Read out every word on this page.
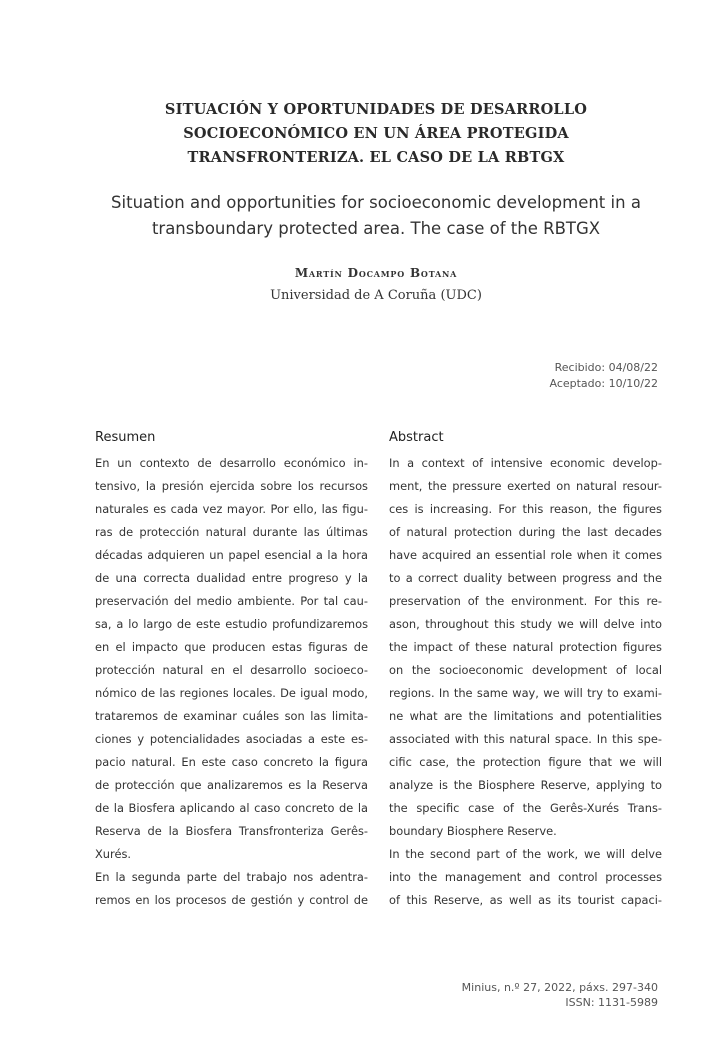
SITUACIÓN Y OPORTUNIDADES DE DESARROLLO
SOCIOECONÓMICO EN UN ÁREA PROTEGIDA
TRANSFRONTERIZA. EL CASO DE LA RBTGX
Situation and opportunities for socioeconomic development in a
transboundary protected area. The case of the RBTGX
Martín Docampo Botana
Universidad de A Coruña (UDC)
Recibido: 04/08/22
Aceptado: 10/10/22
Resumen
En un contexto de desarrollo económico in-
tensivo, la presión ejercida sobre los recursos
naturales es cada vez mayor. Por ello, las figu-
ras de protección natural durante las últimas
décadas adquieren un papel esencial a la hora
de una correcta dualidad entre progreso y la
preservación del medio ambiente. Por tal cau-
sa, a lo largo de este estudio profundizaremos
en el impacto que producen estas figuras de
protección natural en el desarrollo socioeco-
nómico de las regiones locales. De igual modo,
trataremos de examinar cuáles son las limita-
ciones y potencialidades asociadas a este es-
pacio natural. En este caso concreto la figura
de protección que analizaremos es la Reserva
de la Biosfera aplicando al caso concreto de la
Reserva de la Biosfera Transfronteriza Gerês-
Xurés.
En la segunda parte del trabajo nos adentra-
remos en los procesos de gestión y control de
Abstract
In a context of intensive economic develop-
ment, the pressure exerted on natural resour-
ces is increasing. For this reason, the figures
of natural protection during the last decades
have acquired an essential role when it comes
to a correct duality between progress and the
preservation of the environment. For this re-
ason, throughout this study we will delve into
the impact of these natural protection figures
on the socioeconomic development of local
regions. In the same way, we will try to exami-
ne what are the limitations and potentialities
associated with this natural space. In this spe-
cific case, the protection figure that we will
analyze is the Biosphere Reserve, applying to
the specific case of the Gerês-Xurés Trans-
boundary Biosphere Reserve.
In the second part of the work, we will delve
into the management and control processes
of this Reserve, as well as its tourist capaci-
Minius, n.º 27, 2022, páxs. 297-340
ISSN: 1131-5989
